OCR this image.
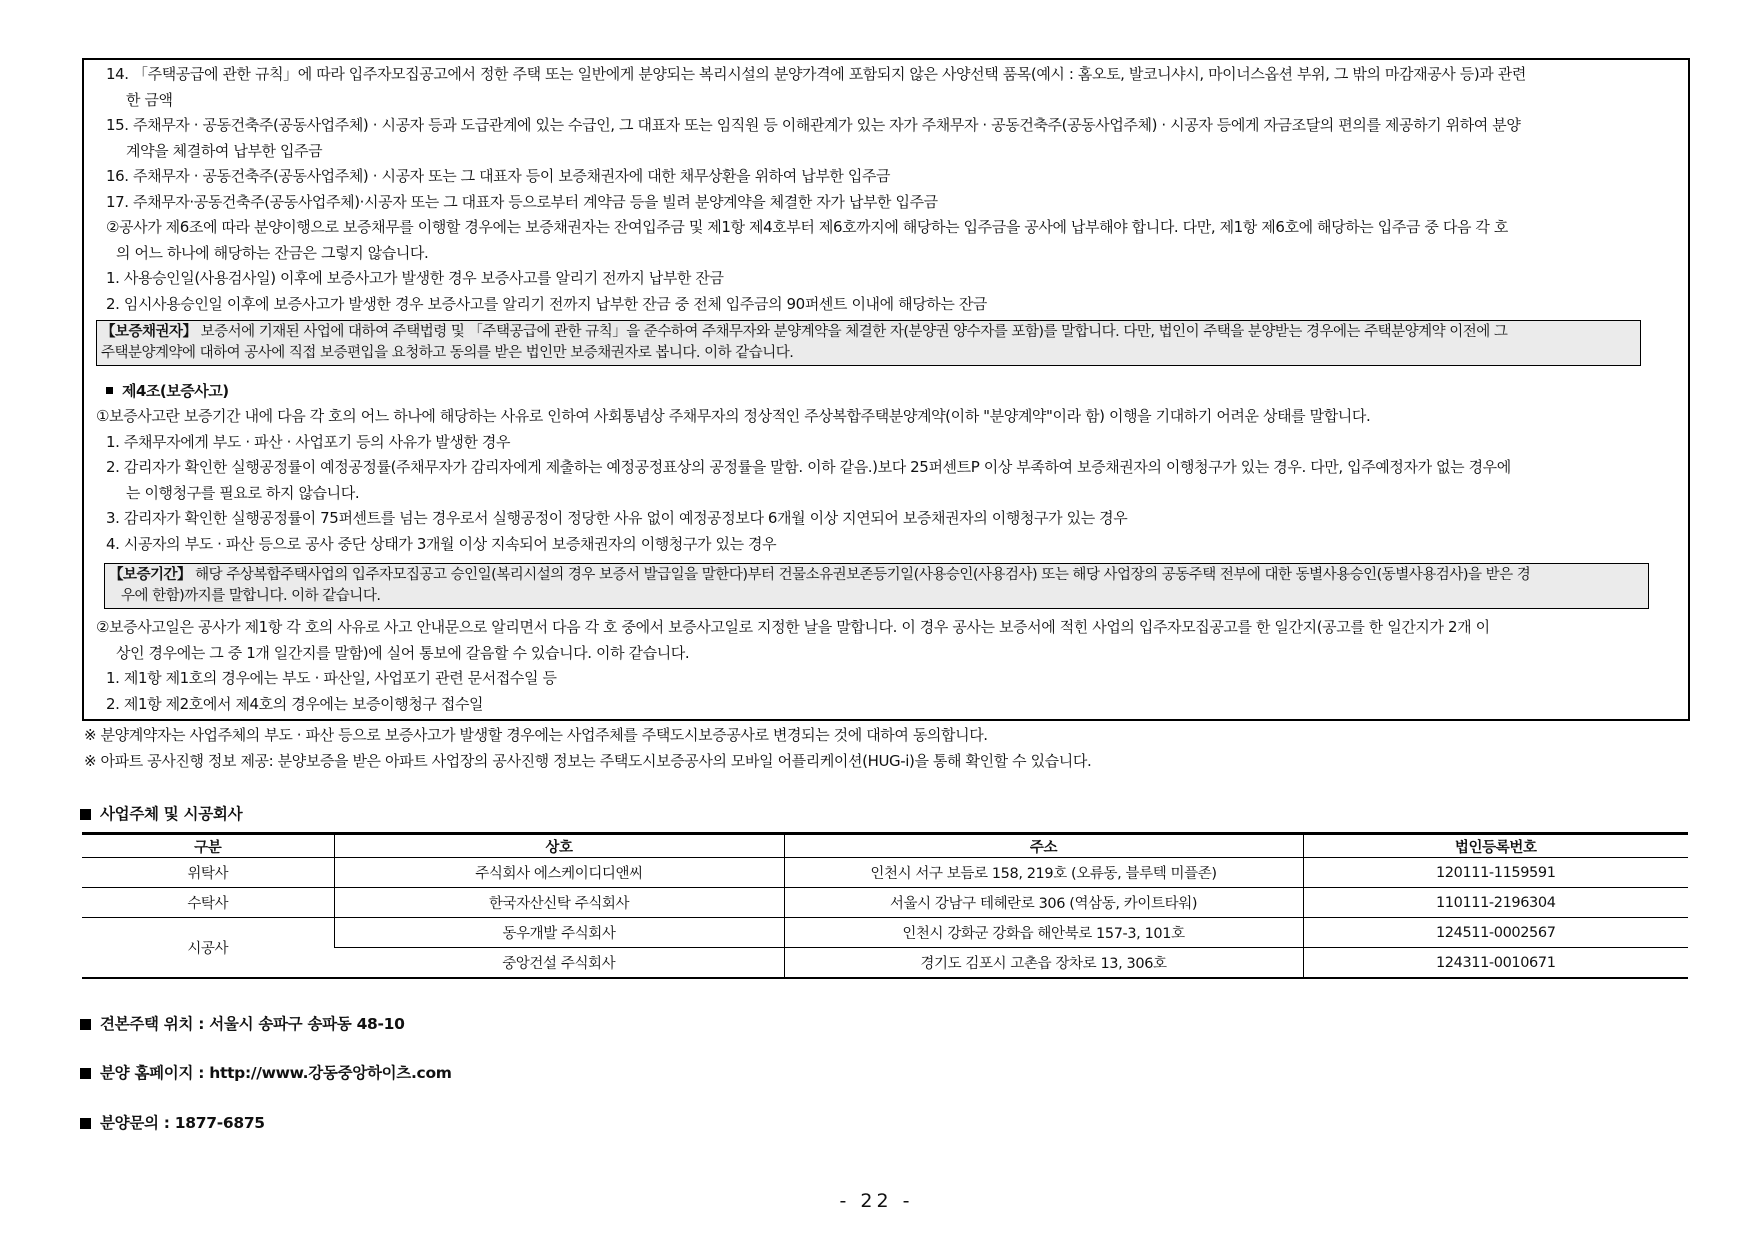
14. 「주택공급에 관한 규칙」에 따라 입주자모집공고에서 정한 주택 또는 일반에게 분양되는 복리시설의 분양가격에 포함되지 않은 사양선택 품목(예시 : 홈오토, 발코니샤시, 마이너스옵션 부위, 그 밖의 마감재공사 등)과 관련
한 금액
15. 주채무자 · 공동건축주(공동사업주체) · 시공자 등과 도급관계에 있는 수급인, 그 대표자 또는 임직원 등 이해관계가 있는 자가 주채무자 · 공동건축주(공동사업주체) · 시공자 등에게 자금조달의 편의를 제공하기 위하여 분양
계약을 체결하여 납부한 입주금
16. 주채무자 · 공동건축주(공동사업주체) · 시공자 또는 그 대표자 등이 보증채권자에 대한 채무상환을 위하여 납부한 입주금
17. 주채무자·공동건축주(공동사업주체)·시공자 또는 그 대표자 등으로부터 계약금 등을 빌려 분양계약을 체결한 자가 납부한 입주금
②공사가 제6조에 따라 분양이행으로 보증채무를 이행할 경우에는 보증채권자는 잔여입주금 및 제1항 제4호부터 제6호까지에 해당하는 입주금을 공사에 납부해야 합니다. 다만, 제1항 제6호에 해당하는 입주금 중 다음 각 호
의 어느 하나에 해당하는 잔금은 그렇지 않습니다.
1. 사용승인일(사용검사일) 이후에 보증사고가 발생한 경우 보증사고를 알리기 전까지 납부한 잔금
2. 임시사용승인일 이후에 보증사고가 발생한 경우 보증사고를 알리기 전까지 납부한 잔금 중 전체 입주금의 90퍼센트 이내에 해당하는 잔금
【보증채권자】 보증서에 기재된 사업에 대하여 주택법령 및 「주택공급에 관한 규칙」을 준수하여 주채무자와 분양계약을 체결한 자(분양권 양수자를 포함)를 말합니다. 다만, 법인이 주택을 분양받는 경우에는 주택분양계약 이전에 그
주택분양계약에 대하여 공사에 직접 보증편입을 요청하고 동의를 받은 법인만 보증채권자로 봅니다. 이하 같습니다.
제4조(보증사고)
①보증사고란 보증기간 내에 다음 각 호의 어느 하나에 해당하는 사유로 인하여 사회통념상 주채무자의 정상적인 주상복합주택분양계약(이하 "분양계약"이라 함) 이행을 기대하기 어려운 상태를 말합니다.
1. 주채무자에게 부도 · 파산 · 사업포기 등의 사유가 발생한 경우
2. 감리자가 확인한 실행공정률이 예정공정률(주채무자가 감리자에게 제출하는 예정공정표상의 공정률을 말함. 이하 같음.)보다 25퍼센트P 이상 부족하여 보증채권자의 이행청구가 있는 경우. 다만, 입주예정자가 없는 경우에
는 이행청구를 필요로 하지 않습니다.
3. 감리자가 확인한 실행공정률이 75퍼센트를 넘는 경우로서 실행공정이 정당한 사유 없이 예정공정보다 6개월 이상 지연되어 보증채권자의 이행청구가 있는 경우
4. 시공자의 부도 · 파산 등으로 공사 중단 상태가 3개월 이상 지속되어 보증채권자의 이행청구가 있는 경우
【보증기간】 해당 주상복합주택사업의 입주자모집공고 승인일(복리시설의 경우 보증서 발급일을 말한다)부터 건물소유권보존등기일(사용승인(사용검사) 또는 해당 사업장의 공동주택 전부에 대한 동별사용승인(동별사용검사)을 받은 경
우에 한함)까지를 말합니다. 이하 같습니다.
②보증사고일은 공사가 제1항 각 호의 사유로 사고 안내문으로 알리면서 다음 각 호 중에서 보증사고일로 지정한 날을 말합니다. 이 경우 공사는 보증서에 적힌 사업의 입주자모집공고를 한 일간지(공고를 한 일간지가 2개 이
상인 경우에는 그 중 1개 일간지를 말함)에 실어 통보에 갈음할 수 있습니다. 이하 같습니다.
1. 제1항 제1호의 경우에는 부도 · 파산일, 사업포기 관련 문서접수일 등
2. 제1항 제2호에서 제4호의 경우에는 보증이행청구 접수일
※ 분양계약자는 사업주체의 부도 · 파산 등으로 보증사고가 발생할 경우에는 사업주체를 주택도시보증공사로 변경되는 것에 대하여 동의합니다.
※ 아파트 공사진행 정보 제공: 분양보증을 받은 아파트 사업장의 공사진행 정보는 주택도시보증공사의 모바일 어플리케이션(HUG-i)을 통해 확인할 수 있습니다.
사업주체 및 시공회사
구분	상호	주소	법인등록번호
위탁사	주식회사 에스케이디디앤씨	인천시 서구 보듬로 158, 219호 (오류동, 블루텍 미플존)	120111-1159591
수탁사	한국자산신탁 주식회사	서울시 강남구 테헤란로 306 (역삼동, 카이트타워)	110111-2196304
시공사	동우개발 주식회사	인천시 강화군 강화읍 해안북로 157-3, 101호	124511-0002567
	중앙건설 주식회사	경기도 김포시 고촌읍 장차로 13, 306호	124311-0010671
견본주택 위치 : 서울시 송파구 송파동 48-10
분양 홈페이지 : http://www.강동중앙하이츠.com
분양문의 : 1877-6875
- 22 -
